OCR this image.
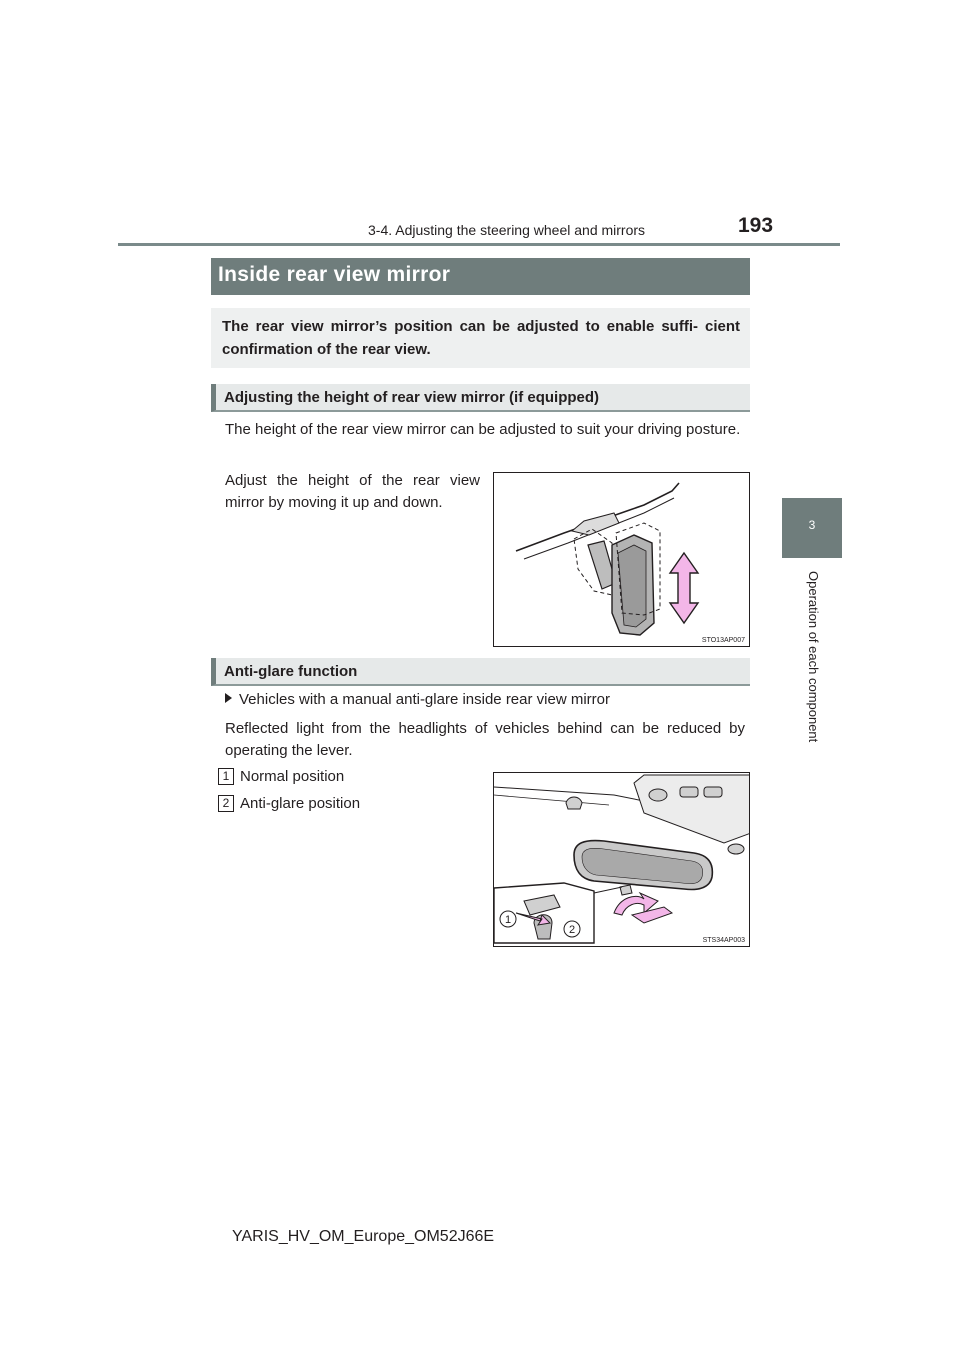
3-4. Adjusting the steering wheel and mirrors	193
3
Operation of each component
Inside rear view mirror
The rear view mirror’s position can be adjusted to enable suffi- cient confirmation of the rear view.
Adjusting the height of rear view mirror (if equipped)
The height of the rear view mirror can be adjusted to suit your driving posture.
Adjust the height of the rear view mirror by moving it up and down.
STO13AP007
Anti-glare function
Vehicles with a manual anti-glare inside rear view mirror
Reflected light from the headlights of vehicles behind can be reduced by operating the lever.
1 Normal position
2 Anti-glare position
1
2
STS34AP003
YARIS_HV_OM_Europe_OM52J66E
